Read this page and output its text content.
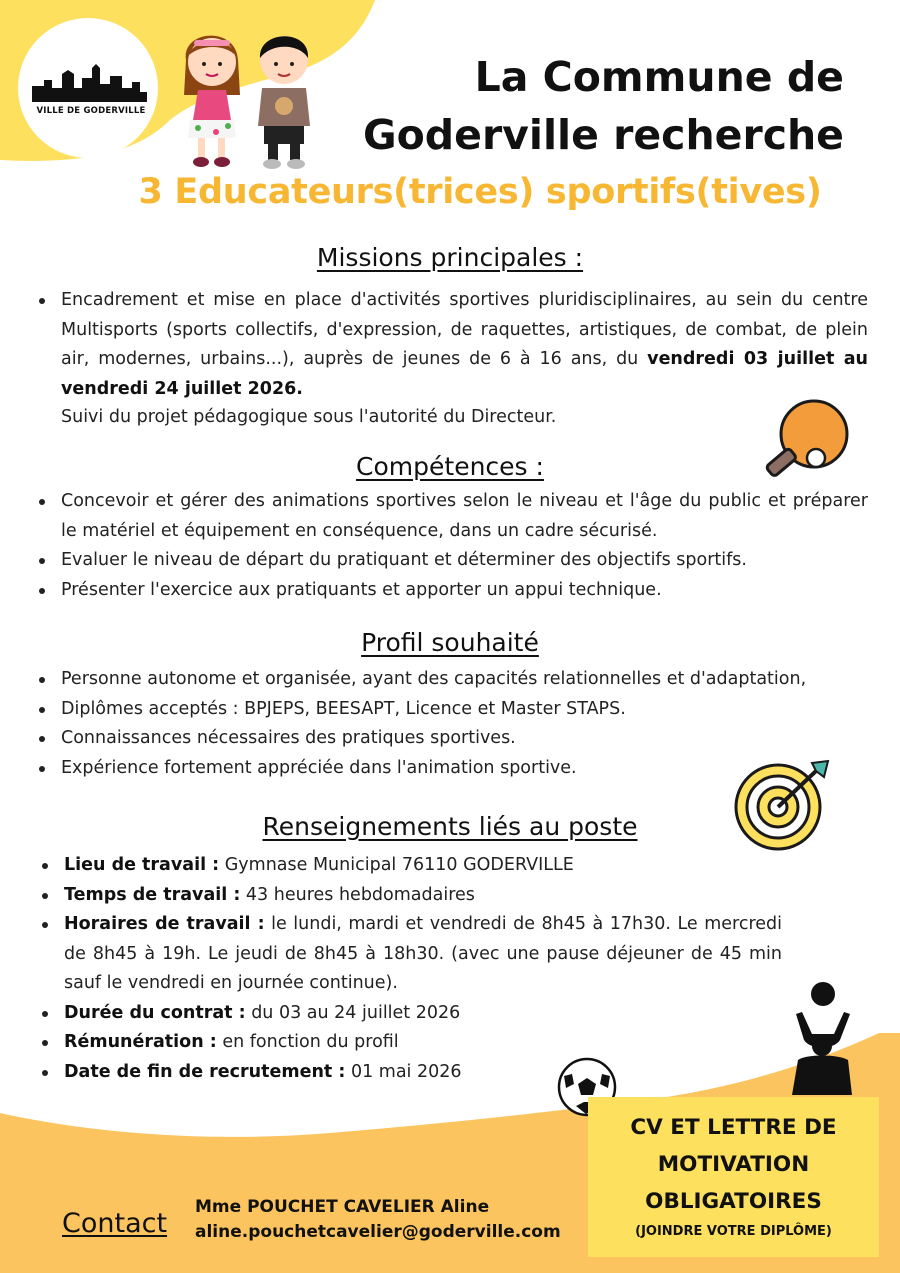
VILLE DE GODERVILLE
La Commune de
Goderville recherche
3 Educateurs(trices) sportifs(tives)
Missions principales :
Encadrement et mise en place d'activités sportives pluridisciplinaires, au sein du centre Multisports (sports collectifs, d'expression, de raquettes, artistiques, de combat, de plein air, modernes, urbains...), auprès de jeunes de 6 à 16 ans, du vendredi 03 juillet au vendredi 24 juillet 2026.
Suivi du projet pédagogique sous l'autorité du Directeur.
Compétences :
Concevoir et gérer des animations sportives selon le niveau et l'âge du public et préparer le matériel et équipement en conséquence, dans un cadre sécurisé.
Evaluer le niveau de départ du pratiquant et déterminer des objectifs sportifs.
Présenter l'exercice aux pratiquants et apporter un appui technique.
Profil souhaité
Personne autonome et organisée, ayant des capacités relationnelles et d'adaptation,
Diplômes acceptés : BPJEPS, BEESAPT, Licence et Master STAPS.
Connaissances nécessaires des pratiques sportives.
Expérience fortement appréciée dans l'animation sportive.
Renseignements liés au poste
Lieu de travail : Gymnase Municipal 76110 GODERVILLE
Temps de travail : 43 heures hebdomadaires
Horaires de travail : le lundi, mardi et vendredi de 8h45 à 17h30. Le mercredi de 8h45 à 19h. Le jeudi de 8h45 à 18h30. (avec une pause déjeuner de 45 min sauf le vendredi en journée continue).
Durée du contrat : du 03 au 24 juillet 2026
Rémunération : en fonction du profil
Date de fin de recrutement : 01 mai 2026
CV ET LETTRE DE
MOTIVATION
OBLIGATOIRES
(JOINDRE VOTRE DIPLÔME)
Contact
Mme POUCHET CAVELIER Aline
aline.pouchetcavelier@goderville.com
